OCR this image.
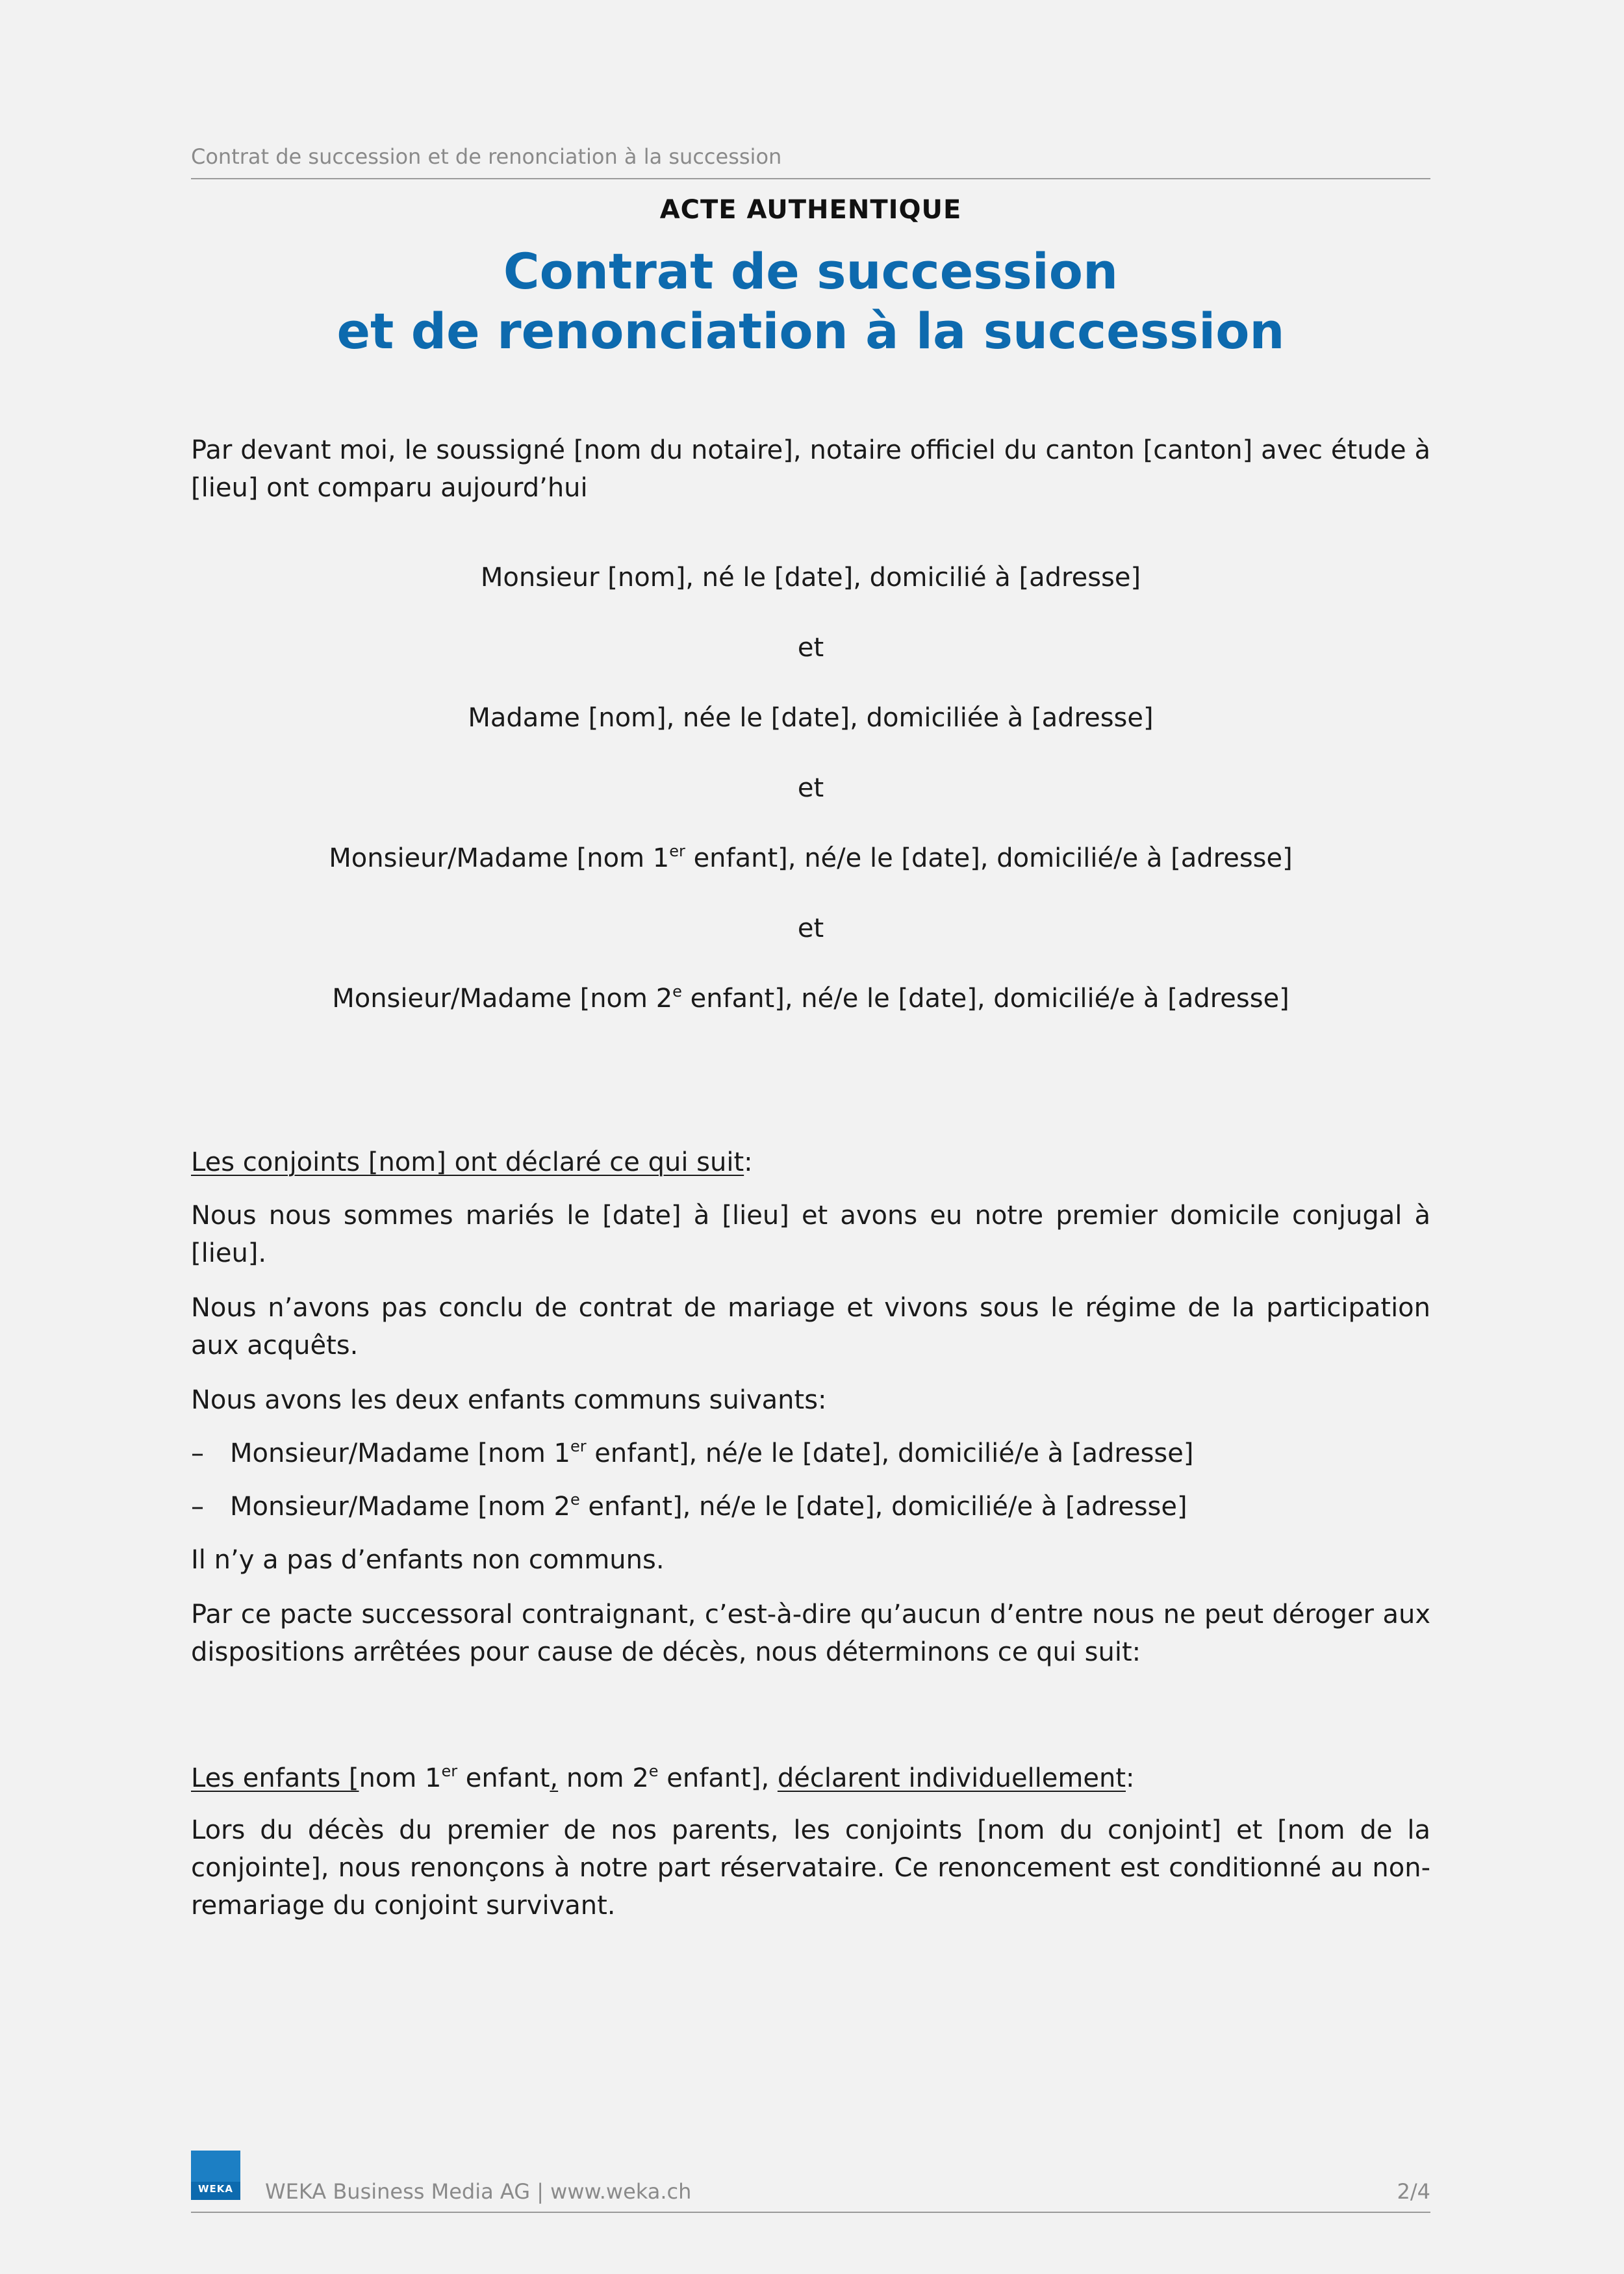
Contrat de succession et de renonciation à la succession
ACTE AUTHENTIQUE
Contrat de succession
et de renonciation à la succession
Par devant moi, le soussigné [nom du notaire], notaire officiel du canton [canton] avec étude à [lieu] ont comparu aujourd’hui
Monsieur [nom], né le [date], domicilié à [adresse]
et
Madame [nom], née le [date], domiciliée à [adresse]
et
Monsieur/Madame [nom 1er enfant], né/e le [date], domicilié/e à [adresse]
et
Monsieur/Madame [nom 2e enfant], né/e le [date], domicilié/e à [adresse]
Les conjoints [nom] ont déclaré ce qui suit:
Nous nous sommes mariés le [date] à [lieu] et avons eu notre premier domicile conjugal à [lieu].
Nous n’avons pas conclu de contrat de mariage et vivons sous le régime de la participation aux acquêts.
Nous avons les deux enfants communs suivants:
– Monsieur/Madame [nom 1er enfant], né/e le [date], domicilié/e à [adresse]
– Monsieur/Madame [nom 2e enfant], né/e le [date], domicilié/e à [adresse]
Il n’y a pas d’enfants non communs.
Par ce pacte successoral contraignant, c’est-à-dire qu’aucun d’entre nous ne peut déroger aux dispositions arrêtées pour cause de décès, nous déterminons ce qui suit:
Les enfants [nom 1er enfant, nom 2e enfant], déclarent individuellement:
Lors du décès du premier de nos parents, les conjoints [nom du conjoint] et [nom de la conjointe], nous renonçons à notre part réservataire. Ce renoncement est conditionné au non-remariage du conjoint survivant.
WEKA	WEKA Business Media AG | www.weka.ch	2/4
